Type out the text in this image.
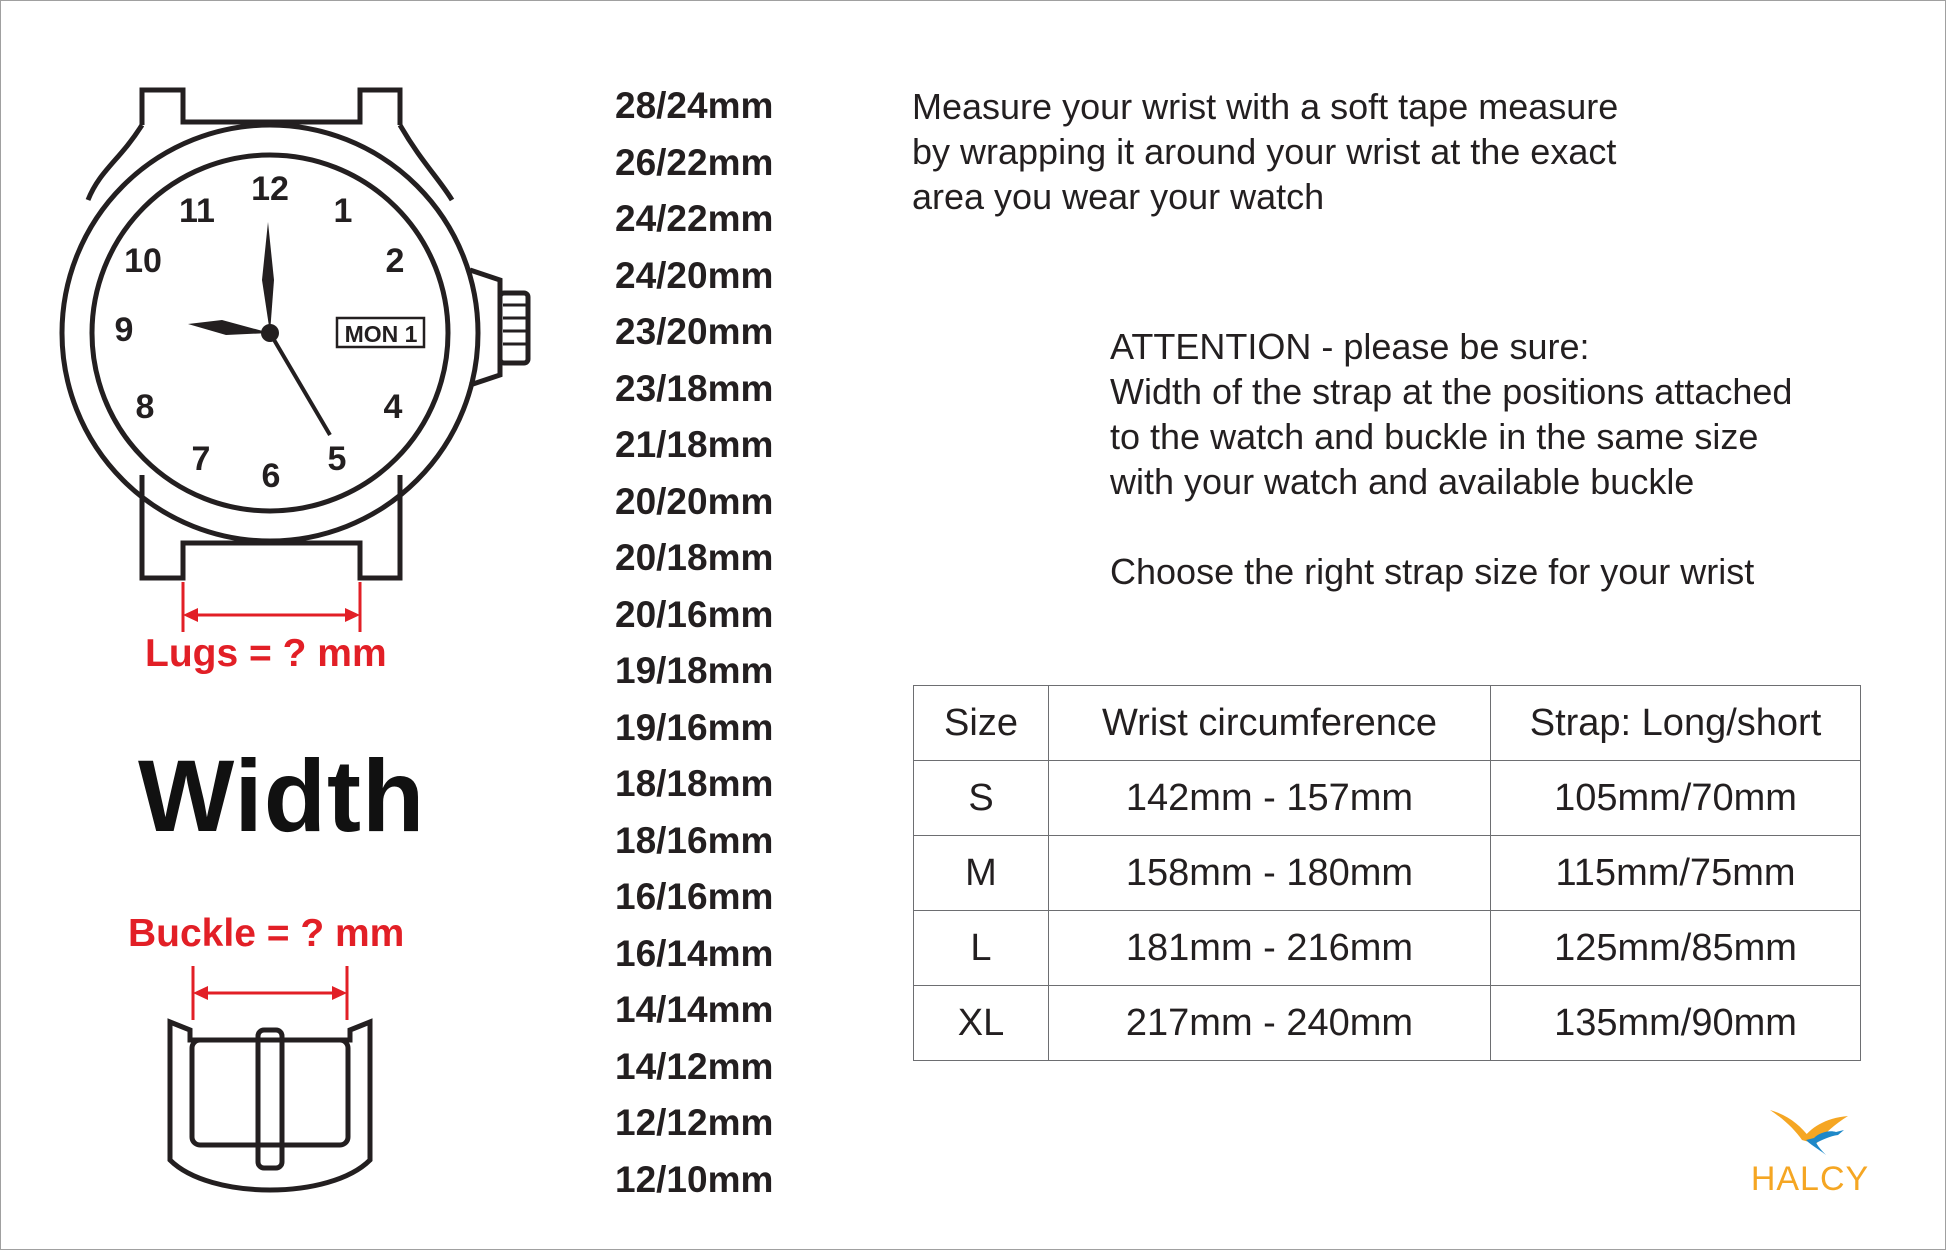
12
1
2
4
5
6
7
8
9
10
11
MON 1
Lugs = ? mm
Width
Buckle = ? mm
28/24mm
26/22mm
24/22mm
24/20mm
23/20mm
23/18mm
21/18mm
20/20mm
20/18mm
20/16mm
19/18mm
19/16mm
18/18mm
18/16mm
16/16mm
16/14mm
14/14mm
14/12mm
12/12mm
12/10mm
Measure your wrist with a soft tape measure
by wrapping it around your wrist at the exact
area you wear your watch
ATTENTION - please be sure:
Width of the strap at the positions attached
to the watch and buckle in the same size
with your watch and available buckle
Choose the right strap size for your wrist
Size	Wrist circumference	Strap: Long/short
S	142mm - 157mm	105mm/70mm
M	158mm - 180mm	115mm/75mm
L	181mm - 216mm	125mm/85mm
XL	217mm - 240mm	135mm/90mm
HALCY
